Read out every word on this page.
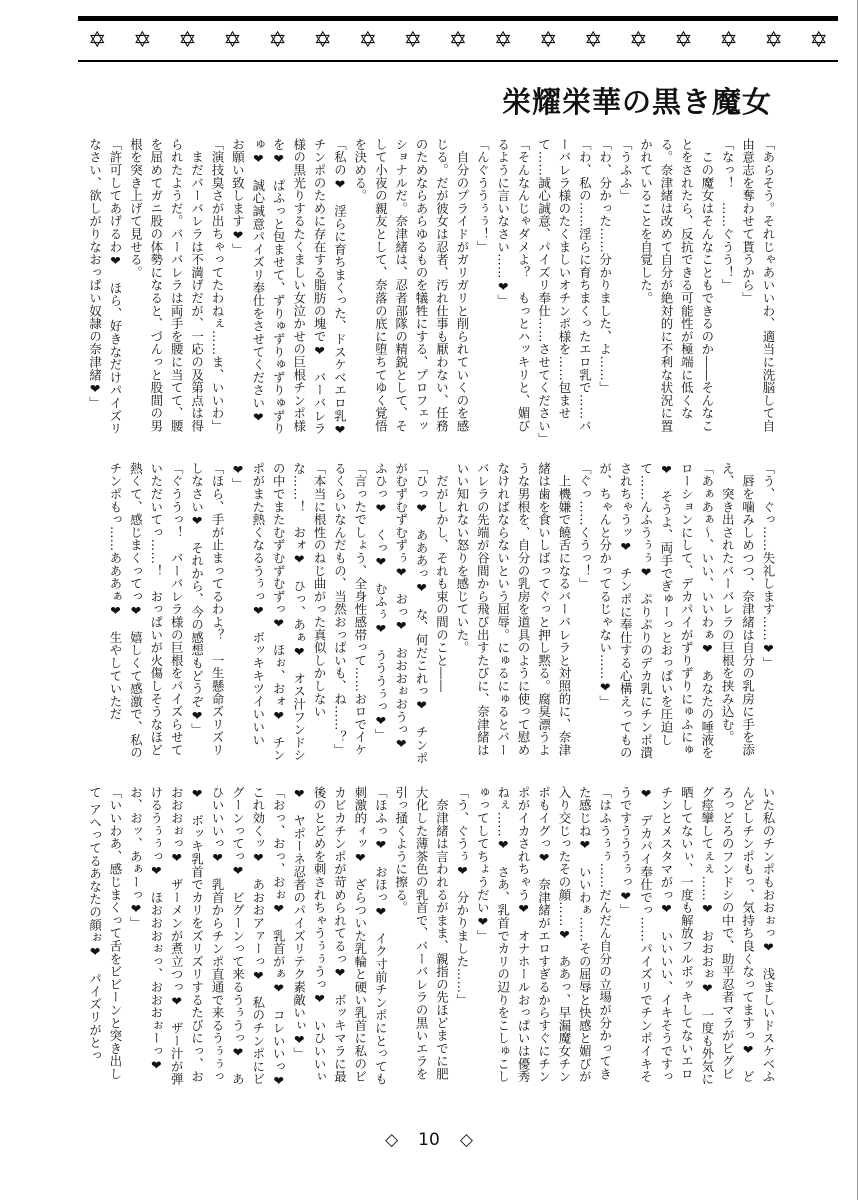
✡ ✡ ✡ ✡ ✡ ✡ ✡ ✡ ✡ ✡ ✡ ✡ ✡ ✡ ✡ ✡ ✡
栄耀栄華の黒き魔女
「あらそう。それじゃあいいわ、適当に洗脳して自由意志を奪わせて貰うから」
「なっ！　……ぐうう！」
　この魔女はそんなこともできるのか――そんなことをされたら、反抗できる可能性が極端に低くなる。奈津緒は改めて自分が絶対的に不利な状況に置かれていることを自覚した。
「うふふ」
「わ、分かった……分かりました、よ……」
「わ、私の……淫らに育ちまくったエロ乳で……バーバレラ様のたくましいオチンポ様を……包ませて……誠心誠意、パイズリ奉仕……させてください」
「そんなんじゃダメよ？　もっとハッキリと、媚びるように言いなさい……❤」
「んぐううぅぅ！」
　自分のプライドがガリガリと削られていくのを感じる。だが彼女は忍者、汚れ仕事も厭わない、任務のためならあらゆるものを犠牲にする、プロフェッショナルだ。奈津緒は、忍者部隊の精鋭として、そして小夜の親友として、奈落の底に堕ちてゆく覚悟を決める。
「私の❤　淫らに育ちまくった、ドスケベエロ乳❤　チンポのために存在する脂肪の塊で❤　バーバレラ様の黒光りするたくましい女泣かせの巨根チンポ様を❤　ぱふっと包ませて、ずりゅずりゅずりゅずりゅ❤　誠心誠意パイズリ奉仕をさせてください❤　お願い致します❤」
「演技臭さが出ちゃってたわねぇ……ま、いいわ」
　まだバーバレラは不満げだが、一応の及第点は得られたようだ。バーバレラは両手を腰に当てて、腰を屈めてガニ股の体勢になると、づんっと股間の男根を突き上げて見せる。
「許可してあげるわ❤　ほら、好きなだけパイズリなさい、欲しがりなおっぱい奴隷の奈津緒❤」
「う、ぐっ……失礼します……❤」
　唇を噛みしめつつ、奈津緒は自分の乳房に手を添え、突き出されたバーバレラの巨根を挟み込む。
「あぁあぁ～、いい、いいわぁ❤　あなたの唾液をローションにして、デカパイがずりずりにゅふにゅ❤　そうよ、両手でぎゅーっとおっぱいを圧迫して……んふうぅぅ❤　ぷりぷりのデカ乳にチンポ潰されちゃうッ❤　チンポに奉仕する心構えってものが、ちゃんと分かってるじゃない……❤」
「ぐっ……くうっ！」
　上機嫌で饒舌になるバーバレラと対照的に、奈津緒は歯を食いしばってぐっと押し黙る。腐臭漂うような男根を、自分の乳房を道具のように使って慰めなければならないという屈辱。にゅるにゅるとバーバレラの先端が谷間から飛び出すたびに、奈津緒はいい知れない怒りを感じていた。
　だがしかし、それも束の間のこと――
「ひっ❤　あああっ❤　な、何だこれっ❤　チンポがむずむずむずぅ❤　おっ❤　おおおぉおうっ❤　ふひっ❤　くっ❤　むふぅ❤　うううぅっ❤」
「言ったでしょう、全身性感帯って……おロでイケるくらいなんだもの、当然おっぱいも、ね……？」
「本当に根性のねじ曲がった真似しかしないな……！　おォ❤　ひっ、あぁ❤　オス汁フンドシの中でまたむずむずむずっ❤　ほぉ、おォ❤　チンポがまた熱くなるうぅっ❤　ボッキキツイいいい❤」
「ほら、手が止まってるわよ？　一生懸命ズリズリしなさい❤　それから、今の感想もどうぞ❤」
「ぐううっ！　バーバレラ様の巨根をパイズらせていただいてっ……！　おっぱいが火傷しそうなほど熱くて、感じまくってっ❤　嬉しくて感激で、私のチンポもっ……あああぁ❤　生やしていただ
いた私のチンポもおおぉっ❤　浅ましいドスケベふんどしチンポもっ、気持ち良くなってますっ❤　どろっどろのフンドシの中で、助平忍者マラがビグビグ痙攣してぇぇ……❤　おおおぉ❤　一度も外気に晒してないぃ、一度も解放フルボッキしてないエロチンとメスタマがっ❤　いいいい、イキそうですっ❤　デカパイ奉仕でっ……パイズリでチンポイキそうですうううぅっ❤」
「はふうぅぅ……だんだん自分の立場が分かってきた感じね❤　いいわぁ……その屈辱と快感と媚びが入り交じったその顔……❤　ああっ、早漏魔女チンポもイグっ❤　奈津緒がエロすぎるからすぐにチンポがイカされちゃう❤　オナホールおっぱいは優秀ねぇ……❤　さあ、乳首でカリの辺りをこしゅこしゅってしてちょうだい❤」
「う、ぐうぅ❤　分かりました……」
　奈津緒は言われるがまま、親指の先ほどまでに肥大化した薄茶色の乳首で、バーバレラの黒いエラを引っ掻くように擦る。
「ほふっ❤　おほっ❤　イク寸前チンポにとっても刺激的ィッ❤　ざらついた乳輪と硬い乳首に私のビカビカチンポが苛められてるっ❤　ボッキマラに最後のとどめを刺されちゃうぅぅうっ❤　いひいいぃ❤　ヤポーネ忍者のパイズリテク素敵いぃ❤」
「おっ、おっ、おぉ❤　乳首がぁ❤　コレいいっ❤　これ効くッ❤　あおおアァーっ❤　私のチンポにビグーンってっ❤　ビグーンって来るうぅうっ❤　あひいいいっ❤　乳首からチンポ直通で来るうぅぅっ❤　ボッキ乳首でカリをズリズリするたびにっ、おおおおぉっ❤　ザーメンが煮立つっ❤　ザー汁が弾けるうぅぅっ❤　ほおおおぉっ、おおおぉーっ❤　お、おッ、あぁーっ❤」
「いいわあ、感じまくって舌をビビーンと突き出して アヘってるあなたの顔ぉ❤　パイズリがとっ
◇ 10 ◇
